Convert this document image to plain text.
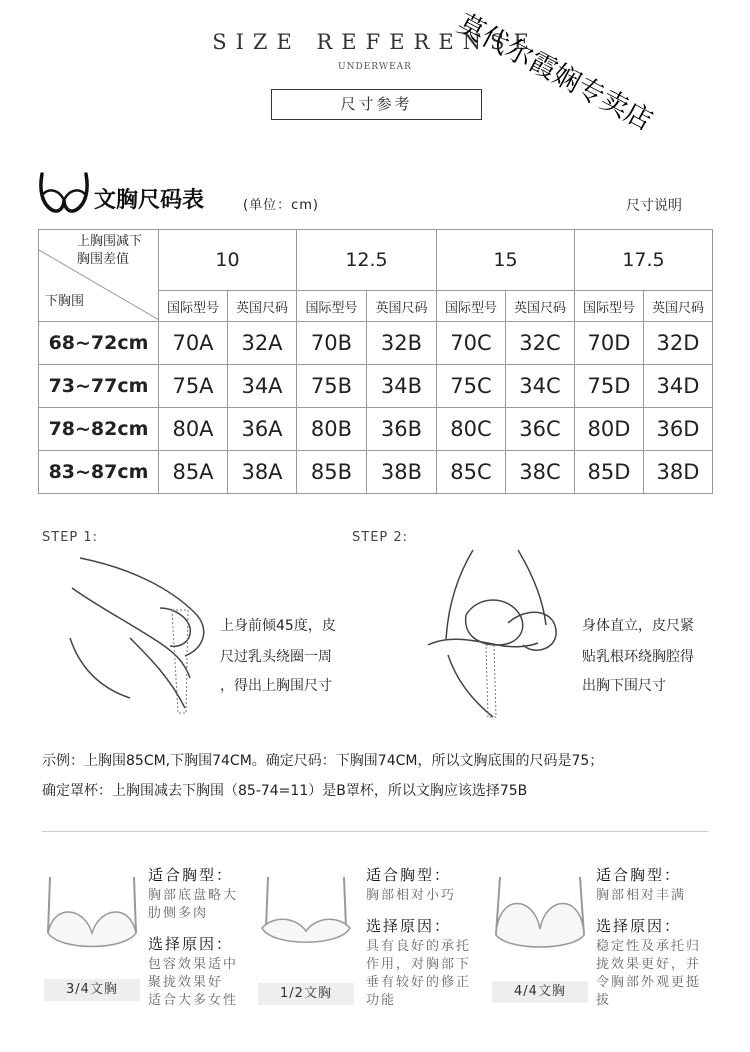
SIZE REFERENSE
UNDERWEAR
尺寸参考	莫代尔霞娴专卖店
文胸尺码表	(单位：cm)	尺寸说明
上胸围减下
胸围差值
下胸围	10		12.5		15		17.5	
	国际型号	英国尺码	国际型号	英国尺码	国际型号	英国尺码	国际型号	英国尺码
68~72cm	70A	32A	70B	32B	70C	32C	70D	32D
73~77cm	75A	34A	75B	34B	75C	34C	75D	34D
78~82cm	80A	36A	80B	36B	80C	36C	80D	36D
83~87cm	85A	38A	85B	38B	85C	38C	85D	38D
STEP 1:
上身前倾45度，皮
尺过乳头绕圈一周
，得出上胸围尺寸
STEP 2:
身体直立，皮尺紧
贴乳根环绕胸腔得
出胸下围尺寸
示例：上胸围85CM,下胸围74CM。确定尺码：下胸围74CM，所以文胸底围的尺码是75；
确定罩杯：上胸围减去下胸围（85-74=11）是B罩杯，所以文胸应该选择75B
3/4文胸
适合胸型：
胸部底盘略大
肋侧多肉
选择原因：
包容效果适中
聚拢效果好
适合大多女性	1/2文胸
适合胸型：
胸部相对小巧
选择原因：
具有良好的承托
作用，对胸部下
垂有较好的修正
功能
4/4文胸
适合胸型：
胸部相对丰满
选择原因：
稳定性及承托归
拢效果更好，并
令胸部外观更挺
拔
